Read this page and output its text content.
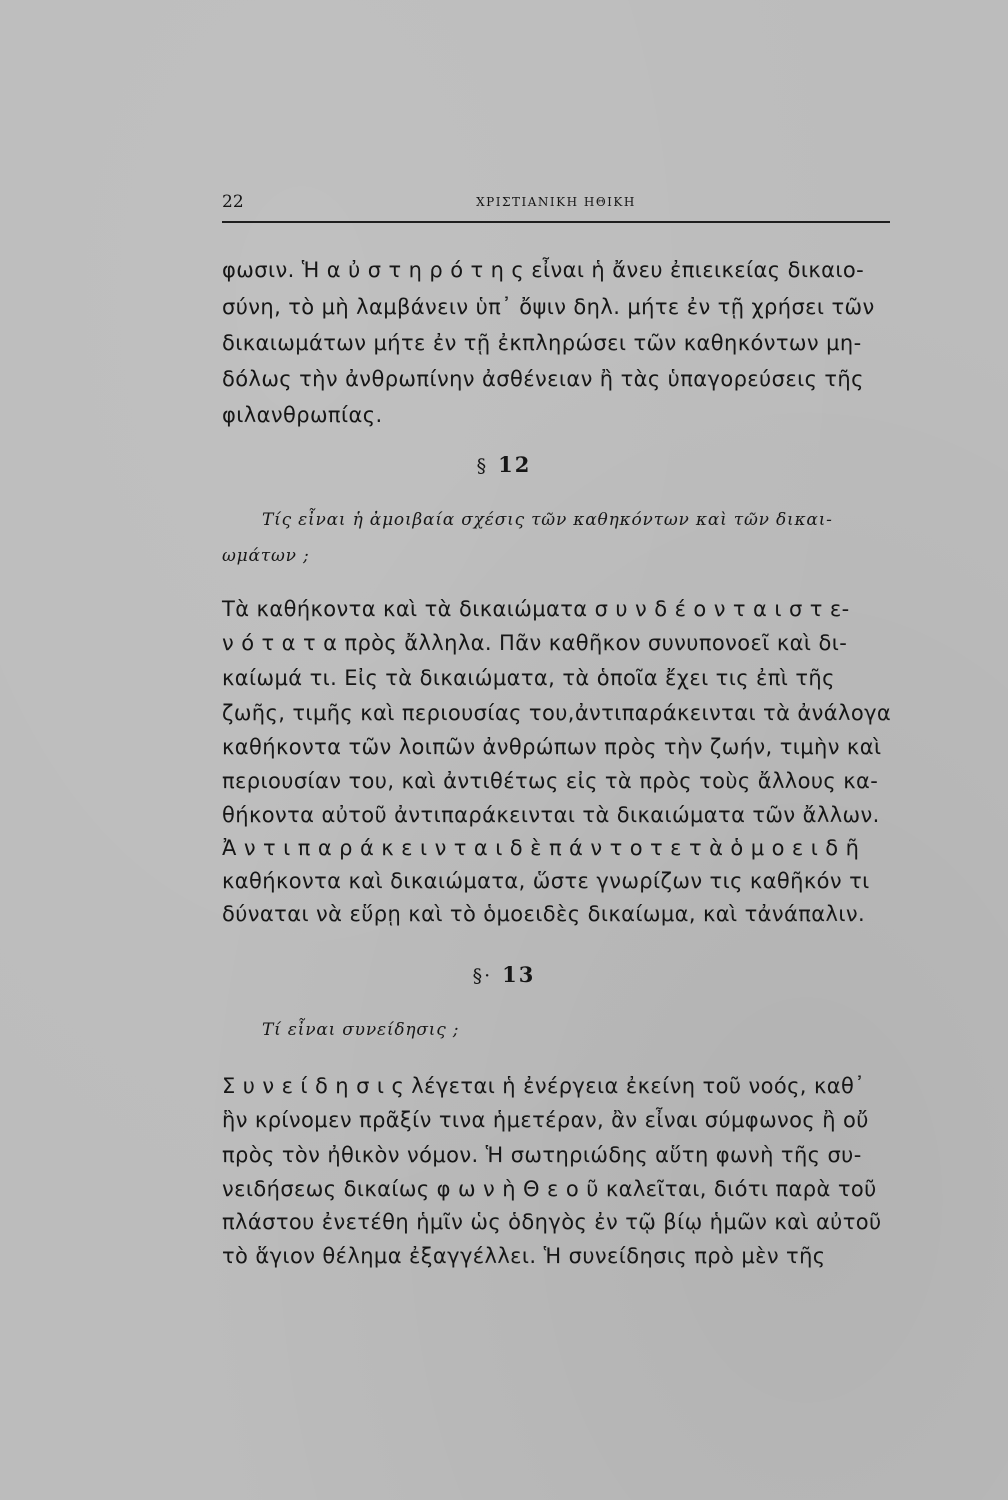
22	ΧΡΙΣΤΙΑΝΙΚΗ ΗΘΙΚΗ
φωσιν. Ἡ α ὐ σ τ η ρ ό τ η ς εἶναι ἡ ἄνευ ἐπιεικείας δικαιο-
σύνη, τὸ μὴ λαμβάνειν ὑπ᾿ ὄψιν δηλ. μήτε ἐν τῇ χρήσει τῶν
δικαιωμάτων μήτε ἐν τῇ ἐκπληρώσει τῶν καθηκόντων μη-
δόλως τὴν ἀνθρωπίνην ἀσθένειαν ἢ τὰς ὑπαγορεύσεις τῆς
φιλανθρωπίας.
§ 12
Τίς εἶναι ἡ ἀμοιβαία σχέσις τῶν καθηκόντων καὶ τῶν δικαι-
ωμάτων ;
Τὰ καθήκοντα καὶ τὰ δικαιώματα σ υ ν δ έ ο ν τ α ι σ τ ε-
ν ό τ α τ α πρὸς ἄλληλα. Πᾶν καθῆκον συνυπονοεῖ καὶ δι-
καίωμά τι. Εἰς τὰ δικαιώματα, τὰ ὁποῖα ἔχει τις ἐπὶ τῆς
ζωῆς, τιμῆς καὶ περιουσίας του,ἀντιπαράκεινται τὰ ἀνάλογα
καθήκοντα τῶν λοιπῶν ἀνθρώπων πρὸς τὴν ζωήν, τιμὴν καὶ
περιουσίαν του, καὶ ἀντιθέτως εἰς τὰ πρὸς τοὺς ἄλλους κα-
θήκοντα αὐτοῦ ἀντιπαράκεινται τὰ δικαιώματα τῶν ἄλλων.
Ἀ ν τ ι π α ρ ά κ ε ι ν τ α ι δ ὲ π ά ν τ ο τ ε τ ὰ ὁ μ ο ε ι δ ῆ
καθήκοντα καὶ δικαιώματα, ὥστε γνωρίζων τις καθῆκόν τι
δύναται νὰ εὕρῃ καὶ τὸ ὁμοειδὲς δικαίωμα, καὶ τἀνάπαλιν.
§· 13
Τί εἶναι συνείδησις ;
Σ υ ν ε ί δ η σ ι ς λέγεται ἡ ἐνέργεια ἐκείνη τοῦ νοός, καθ᾿
ἣν κρίνομεν πρᾶξίν τινα ἡμετέραν, ἂν εἶναι σύμφωνος ἢ οὔ
πρὸς τὸν ἠθικὸν νόμον. Ἡ σωτηριώδης αὕτη φωνὴ τῆς συ-
νειδήσεως δικαίως φ ω ν ὴ Θ ε ο ῦ καλεῖται, διότι παρὰ τοῦ
πλάστου ἐνετέθη ἡμῖν ὡς ὁδηγὸς ἐν τῷ βίῳ ἡμῶν καὶ αὐτοῦ
τὸ ἅγιον θέλημα ἐξαγγέλλει. Ἡ συνείδησις πρὸ μὲν τῆς
